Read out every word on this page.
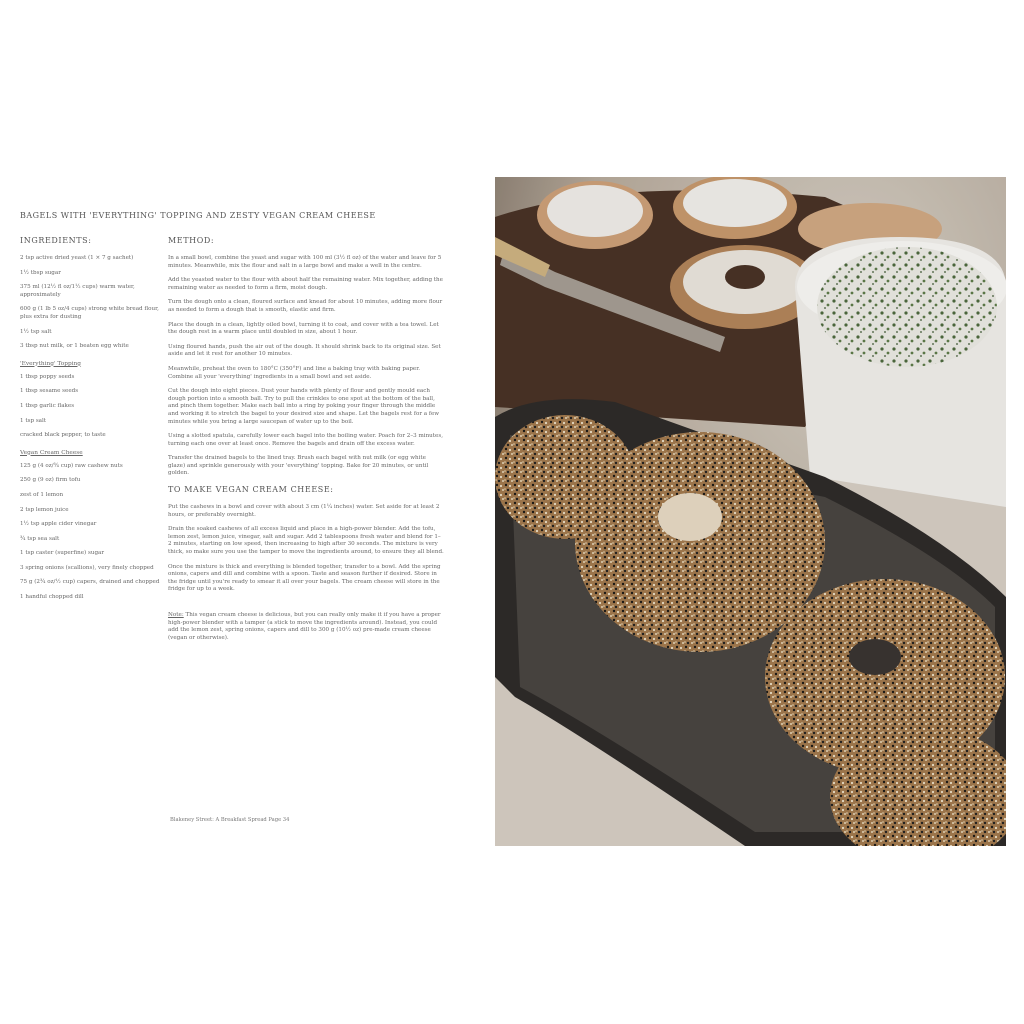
BAGELS WITH 'EVERYTHING' TOPPING AND ZESTY VEGAN CREAM CHEESE
INGREDIENTS:
2 tsp active dried yeast (1 × 7 g sachet)
1½ tbsp sugar
375 ml (12½ fl oz/1½ cups) warm water, approximately
600 g (1 lb 5 oz/4 cups) strong white bread flour, plus extra for dusting
1½ tsp salt
3 tbsp nut milk, or 1 beaten egg white
'Everything' Topping
1 tbsp poppy seeds
1 tbsp sesame seeds
1 tbsp garlic flakes
1 tsp salt
cracked black pepper, to taste
Vegan Cream Cheese
125 g (4 oz/¾ cup) raw cashew nuts
250 g (9 oz) firm tofu
zest of 1 lemon
2 tsp lemon juice
1½ tsp apple cider vinegar
¾ tsp sea salt
1 tsp caster (superfine) sugar
3 spring onions (scallions), very finely chopped
75 g (2¾ oz/½ cup) capers, drained and chopped
1 handful chopped dill
METHOD:

In a small bowl, combine the yeast and sugar with 100 ml (3½ fl oz) of the water and leave for 5 minutes. Meanwhile, mix the flour and salt in a large bowl and make a well in the centre.

Add the yeasted water to the flour with about half the remaining water. Mix together, adding the remaining water as needed to form a firm, moist dough.

Turn the dough onto a clean, floured surface and knead for about 10 minutes, adding more flour as needed to form a dough that is smooth, elastic and firm.

Place the dough in a clean, lightly oiled bowl, turning it to coat, and cover with a tea towel. Let the dough rest in a warm place until doubled in size, about 1 hour.

Using floured hands, push the air out of the dough. It should shrink back to its original size. Set aside and let it rest for another 10 minutes.

Meanwhile, preheat the oven to 180°C (350°F) and line a baking tray with baking paper. Combine all your 'everything' ingredients in a small bowl and set aside.

Cut the dough into eight pieces. Dust your hands with plenty of flour and gently mould each dough portion into a smooth ball. Try to pull the crinkles to one spot at the bottom of the ball, and pinch them together. Make each ball into a ring by poking your finger through the middle and working it to stretch the bagel to your desired size and shape. Let the bagels rest for a few minutes while you bring a large saucepan of water up to the boil.

Using a slotted spatula, carefully lower each bagel into the boiling water. Poach for 2–3 minutes, turning each one over at least once. Remove the bagels and drain off the excess water.

Transfer the drained bagels to the lined tray. Brush each bagel with nut milk (or egg white glaze) and sprinkle generously with your 'everything' topping. Bake for 20 minutes, or until golden.

TO MAKE VEGAN CREAM CHEESE:

Put the cashews in a bowl and cover with about 3 cm (1¼ inches) water. Set aside for at least 2 hours, or preferably overnight.

Drain the soaked cashews of all excess liquid and place in a high-power blender. Add the tofu, lemon zest, lemon juice, vinegar, salt and sugar. Add 2 tablespoons fresh water and blend for 1–2 minutes, starting on low speed, then increasing to high after 30 seconds. The mixture is very thick, so make sure you use the tamper to move the ingredients around, to ensure they all blend.

Once the mixture is thick and everything is blended together, transfer to a bowl. Add the spring onions, capers and dill and combine with a spoon. Taste and season further if desired. Store in the fridge until you're ready to smear it all over your bagels. The cream cheese will store in the fridge for up to a week.

Note: This vegan cream cheese is delicious, but you can really only make it if you have a proper high-power blender with a tamper (a stick to move the ingredients around). Instead, you could add the lemon zest, spring onions, capers and dill to 300 g (10½ oz) pre-made cream cheese (vegan or otherwise).

Blakeney Street: A Breakfast Spread Page 34
